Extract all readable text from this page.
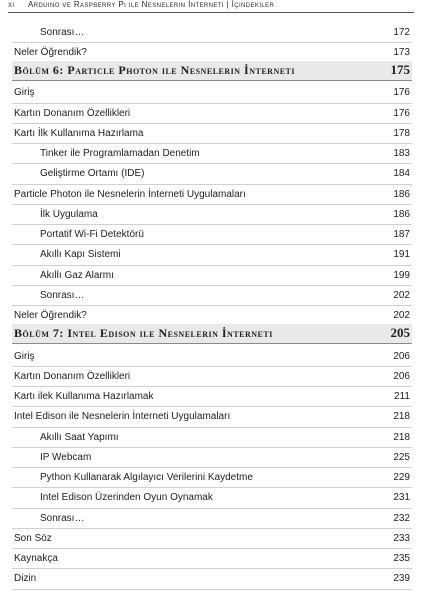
xi Arduino ve Raspberry Pi ile Nesnelerin İnterneti | İçindekiler
Sonrası…	172
Neler Öğrendik?	173
Bölüm 6: Particle Photon ile Nesnelerin İnterneti	175
Giriş	176
Kartın Donanım Özellikleri	176
Kartı İlk Kullanıma Hazırlama	178
Tinker ile Programlamadan Denetim	183
Geliştirme Ortamı (IDE)	184
Particle Photon ile Nesnelerin İnterneti Uygulamaları	186
İlk Uygulama	186
Portatif Wi-Fi Detektörü	187
Akıllı Kapı Sistemi	191
Akıllı Gaz Alarmı	199
Sonrası…	202
Neler Öğrendik?	202
Bölüm 7: Intel Edison ile Nesnelerin İnterneti	205
Giriş	206
Kartın Donanım Özellikleri	206
Kartı ilek Kullanıma Hazırlamak	211
Intel Edison ile Nesnelerin İnterneti Uygulamaları	218
Akıllı Saat Yapımı	218
IP Webcam	225
Python Kullanarak Algılayıcı Verilerini Kaydetme	229
Intel Edison Üzerinden Oyun Oynamak	231
Sonrası…	232
Son Söz	233
Kaynakça	235
Dizin	239
